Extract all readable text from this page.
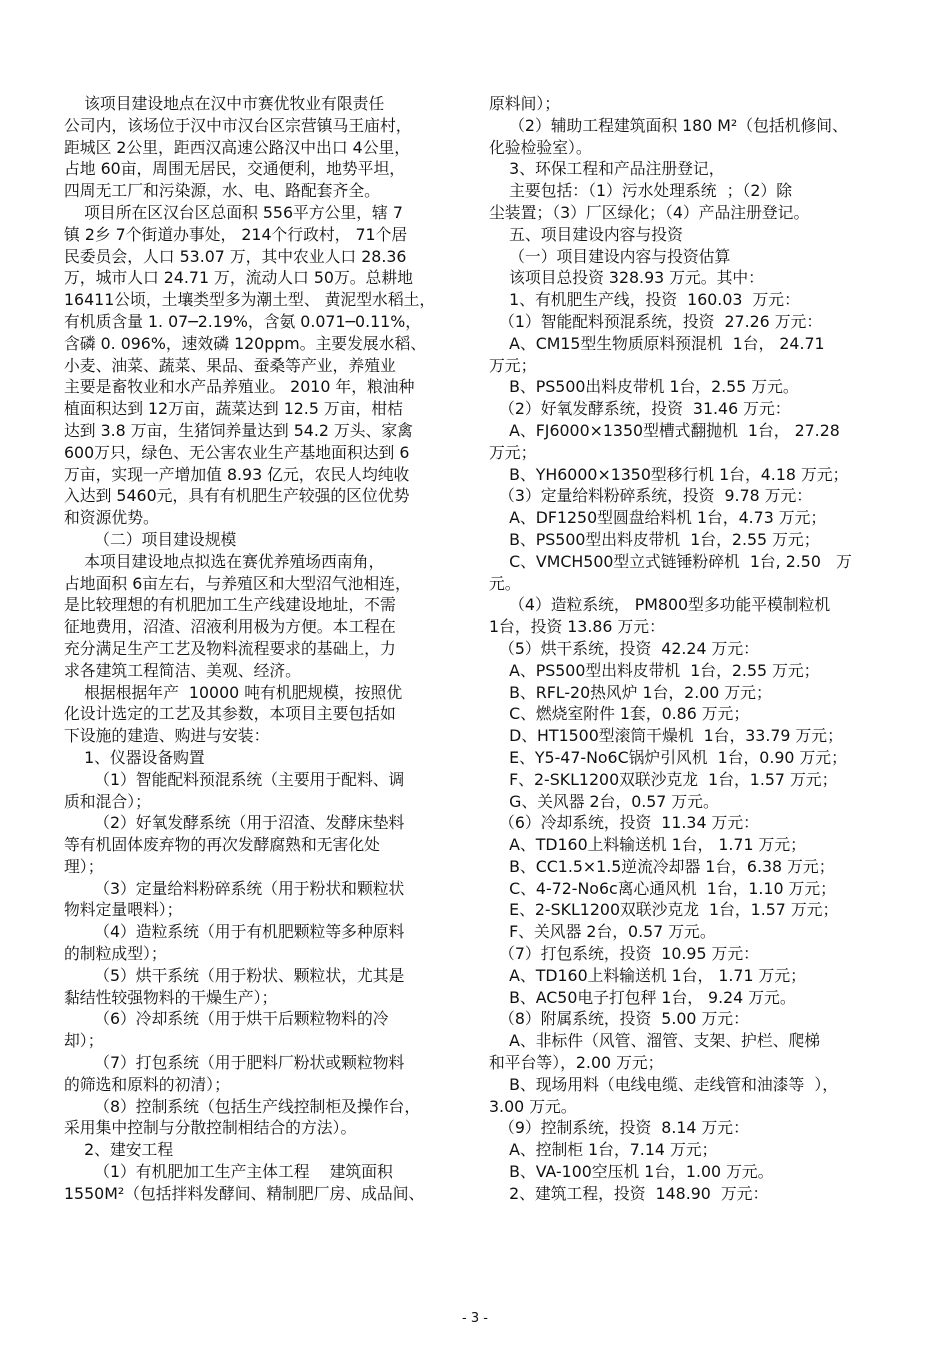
该项目建设地点在汉中市赛优牧业有限责任

公司内，该场位于汉中市汉台区宗营镇马王庙村，

距城区 2公里，距西汉高速公路汉中出口 4公里，

占地 60亩，周围无居民，交通便利，地势平坦，

四周无工厂和污染源，水、电、路配套齐全。

项目所在区汉台区总面积 556平方公里，辖 7

镇 2乡 7个街道办事处， 214个行政村， 71个居

民委员会，人口 53.07 万，其中农业人口 28.36

万，城市人口 24.71 万，流动人口 50万。总耕地

16411公顷，土壤类型多为潮土型、 黄泥型水稻土，

有机质含量 1. 07─2.19%，含氨 0.071─0.11%，

含磷 0. 096%，速效磷 120ppm。主要发展水稻、

小麦、油菜、蔬菜、果品、蚕桑等产业，养殖业

主要是畜牧业和水产品养殖业。 2010 年，粮油种

植面积达到 12万亩，蔬菜达到 12.5 万亩，柑桔

达到 3.8 万亩，生猪饲养量达到 54.2 万头、家禽

600万只，绿色、无公害农业生产基地面积达到 6

万亩，实现一产增加值 8.93 亿元，农民人均纯收

入达到 5460元，具有有机肥生产较强的区位优势

和资源优势。

（二）项目建设规模

本项目建设地点拟选在赛优养殖场西南角，

占地面积 6亩左右，与养殖区和大型沼气池相连，

是比较理想的有机肥加工生产线建设地址，不需

征地费用，沼渣、沼液利用极为方便。本工程在

充分满足生产工艺及物料流程要求的基础上，力

求各建筑工程简洁、美观、经济。

根据根据年产  10000 吨有机肥规模，按照优

化设计选定的工艺及其参数，本项目主要包括如

下设施的建造、购进与安装：

1、仪器设备购置

（1）智能配料预混系统（主要用于配料、调

质和混合）；

（2）好氧发酵系统（用于沼渣、发酵床垫料

等有机固体废弃物的再次发酵腐熟和无害化处

理）；

（3）定量给料粉碎系统（用于粉状和颗粒状

物料定量喂料）；

（4）造粒系统（用于有机肥颗粒等多种原料

的制粒成型）；

（5）烘干系统（用于粉状、颗粒状，尤其是

黏结性较强物料的干燥生产）；

（6）冷却系统（用于烘干后颗粒物料的冷

却）；

（7）打包系统（用于肥料厂粉状或颗粒物料

的筛选和原料的初清）；

（8）控制系统（包括生产线控制柜及操作台，

采用集中控制与分散控制相结合的方法）。

2、建安工程

（1）有机肥加工生产主体工程    建筑面积

1550M²（包括拌料发酵间、精制肥厂房、成品间、

原料间）；

（2）辅助工程建筑面积 180 M²（包括机修间、

化验检验室）。

3、环保工程和产品注册登记，

主要包括：（1）污水处理系统  ；（2）除

尘装置；（3）厂区绿化；（4）产品注册登记。

五、项目建设内容与投资

（一）项目建设内容与投资估算

该项目总投资 328.93 万元。其中：

1、有机肥生产线，投资  160.03  万元：

（1）智能配料预混系统，投资  27.26 万元：

A、CM15型生物质原料预混机  1台， 24.71

万元；

B、PS500出料皮带机 1台，2.55 万元。

（2）好氧发酵系统，投资  31.46 万元：

A、FJ6000×1350型槽式翻抛机  1台， 27.28

万元；

B、YH6000×1350型移行机 1台，4.18 万元；

（3）定量给料粉碎系统，投资  9.78 万元：

A、DF1250型圆盘给料机 1台，4.73 万元；

B、PS500型出料皮带机  1台，2.55 万元；

C、VMCH500型立式链锤粉碎机  1台, 2.50   万

元。

（4）造粒系统， PM800型多功能平模制粒机

1台，投资 13.86 万元：

（5）烘干系统，投资  42.24 万元：

A、PS500型出料皮带机  1台，2.55 万元；

B、RFL-20热风炉 1台，2.00 万元；

C、燃烧室附件 1套，0.86 万元；

D、HT1500型滚筒干燥机  1台，33.79 万元；

E、Y5-47-No6C锅炉引风机  1台，0.90 万元；

F、2-SKL1200双联沙克龙  1台，1.57 万元；

G、关风器 2台，0.57 万元。

（6）冷却系统，投资  11.34 万元：

A、TD160上料输送机 1台， 1.71 万元；

B、CC1.5×1.5逆流冷却器 1台，6.38 万元；

C、4-72-No6c离心通风机  1台，1.10 万元；

E、2-SKL1200双联沙克龙  1台，1.57 万元；

F、关风器 2台，0.57 万元。

（7）打包系统，投资  10.95 万元：

A、TD160上料输送机 1台， 1.71 万元；

B、AC50电子打包秤 1台， 9.24 万元。

（8）附属系统，投资  5.00 万元：

A、非标件（风管、溜管、支架、护栏、爬梯

和平台等），2.00 万元；

B、现场用料（电线电缆、走线管和油漆等  ），

3.00 万元。

（9）控制系统，投资  8.14 万元：

A、控制柜 1台，7.14 万元；

B、VA-100空压机 1台，1.00 万元。

2、建筑工程，投资  148.90  万元：

- 3 -
